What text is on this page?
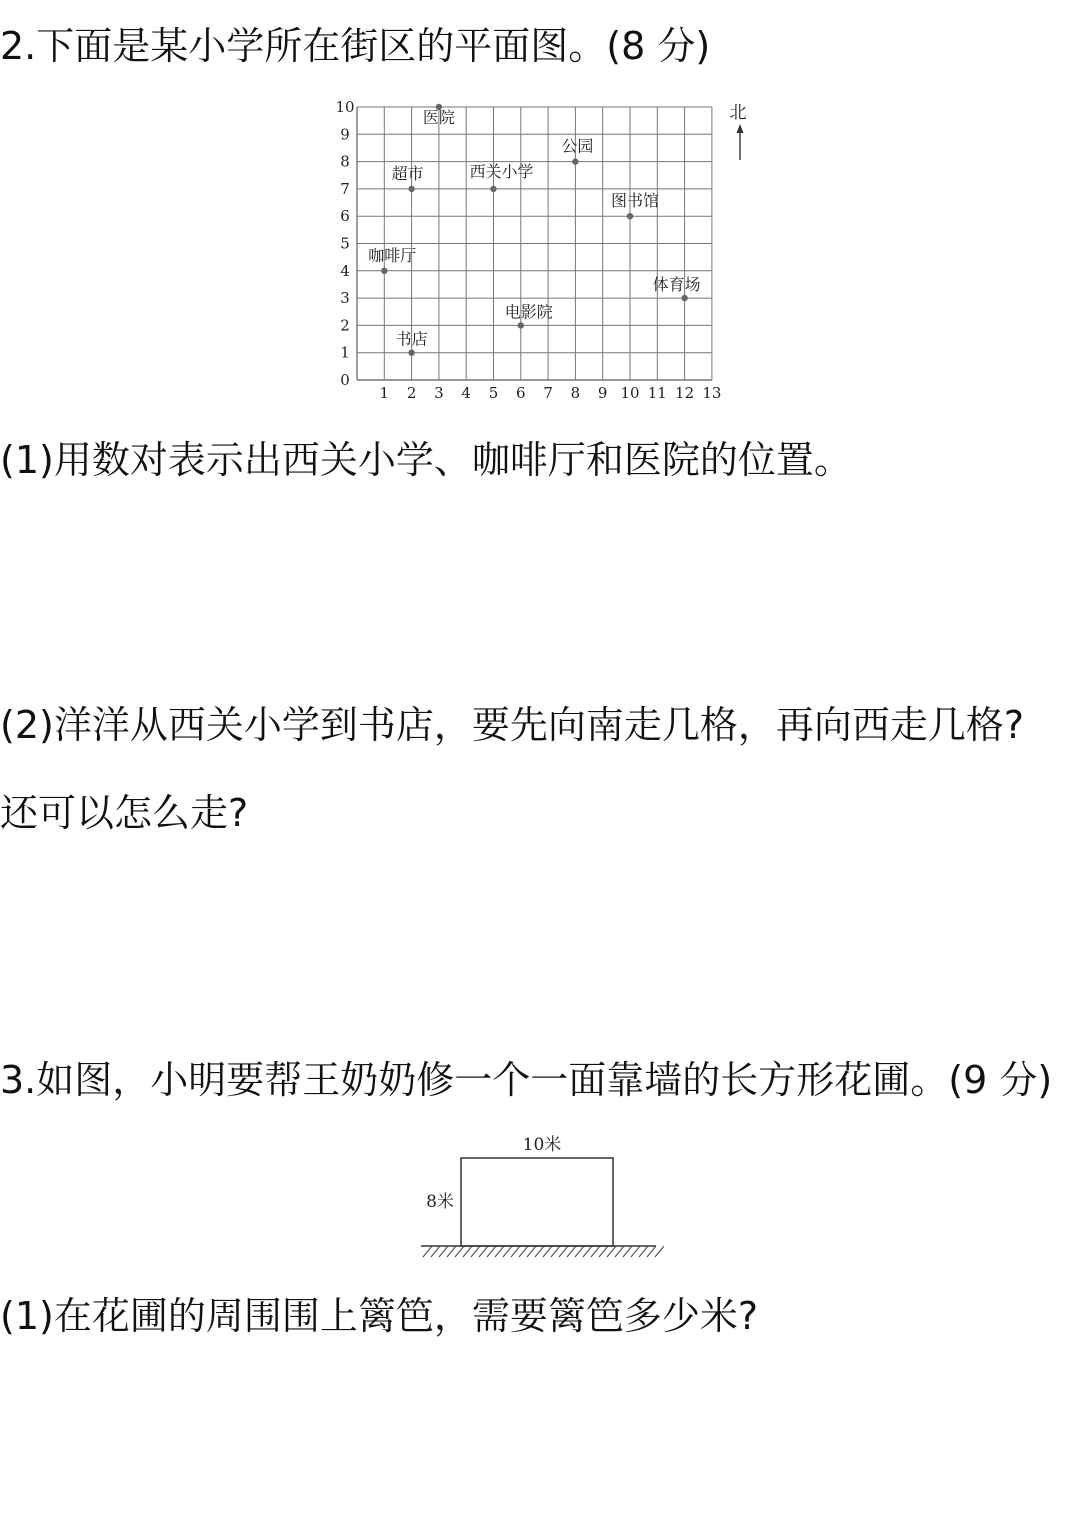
2.下面是某小学所在街区的平面图。(8 分)
0
1
2
3
4
5
6
7
8
9
10
1 2 3 4 5 6 7 8 9 10 11 12 13
医院
超市	西关小学
公园
图书馆
咖啡厅
体育场
电影院
书店
北
(1)用数对表示出西关小学、咖啡厅和医院的位置。
(2)洋洋从西关小学到书店，要先向南走几格，再向西走几格?
还可以怎么走?
3.如图，小明要帮王奶奶修一个一面靠墙的长方形花圃。(9 分)
10米
8米
(1)在花圃的周围围上篱笆，需要篱笆多少米?
